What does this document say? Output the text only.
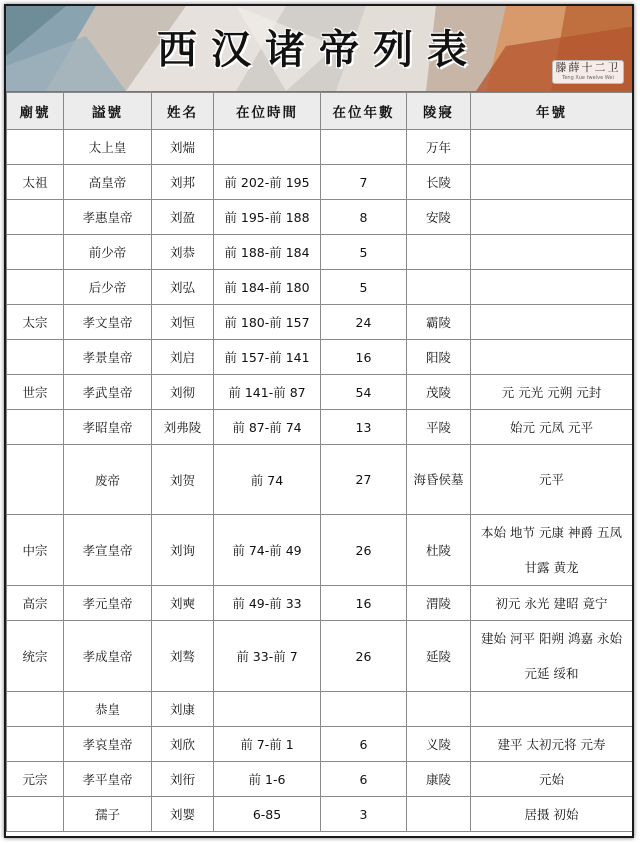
西汉诸帝列表	滕薛十二卫
Teng Xue twelve Wei
廟號	謚號	姓名	在位時間	在位年數	陵寢	年號
	太上皇	刘煓			万年	
太祖	高皇帝	刘邦	前 202-前 195	7	长陵	
	孝惠皇帝	刘盈	前 195-前 188	8	安陵	
	前少帝	刘恭	前 188-前 184	5		
	后少帝	刘弘	前 184-前 180	5		
太宗	孝文皇帝	刘恒	前 180-前 157	24	霸陵	
	孝景皇帝	刘启	前 157-前 141	16	阳陵	
世宗	孝武皇帝	刘彻	前 141-前 87	54	茂陵	元 元光 元朔 元封
	孝昭皇帝	刘弗陵	前 87-前 74	13	平陵	始元 元凤 元平
	废帝	刘贺	前 74	27	海昏侯墓	元平
中宗	孝宣皇帝	刘询	前 74-前 49	26	杜陵	本始 地节 元康 神爵 五凤 甘露 黄龙
高宗	孝元皇帝	刘奭	前 49-前 33	16	渭陵	初元 永光 建昭 竟宁
统宗	孝成皇帝	刘骜	前 33-前 7	26	延陵	建始 河平 阳朔 鸿嘉 永始 元延 绥和
	恭皇	刘康				
	孝哀皇帝	刘欣	前 7-前 1	6	义陵	建平 太初元将 元寿
元宗	孝平皇帝	刘衎	前 1-6	6	康陵	元始
	孺子	刘婴	6-85	3		居摄 初始
